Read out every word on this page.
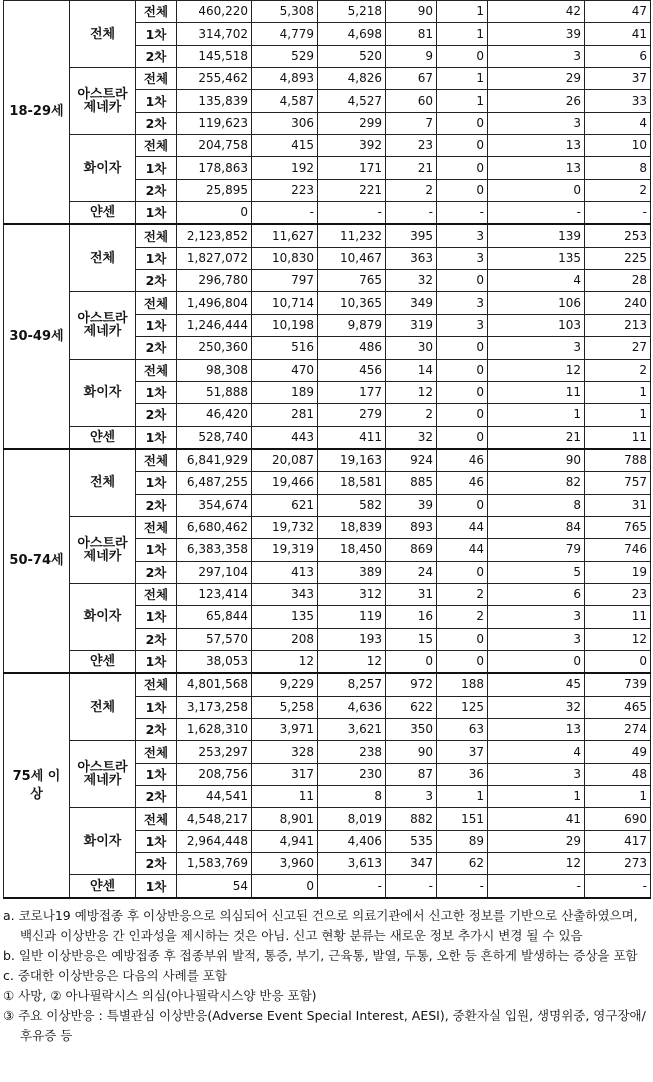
18-29세	전체	전체	460,220	5,308	5,218	90	1	42	47
		1차	314,702	4,779	4,698	81	1	39	41
		2차	145,518	529	520	9	0	3	6
	아스트라 제네카	전체	255,462	4,893	4,826	67	1	29	37
		1차	135,839	4,587	4,527	60	1	26	33
		2차	119,623	306	299	7	0	3	4
	화이자	전체	204,758	415	392	23	0	13	10
		1차	178,863	192	171	21	0	13	8
		2차	25,895	223	221	2	0	0	2
	얀센	1차	0	-	-	-	-	-	-
30-49세	전체	전체	2,123,852	11,627	11,232	395	3	139	253
		1차	1,827,072	10,830	10,467	363	3	135	225
		2차	296,780	797	765	32	0	4	28
	아스트라 제네카	전체	1,496,804	10,714	10,365	349	3	106	240
		1차	1,246,444	10,198	9,879	319	3	103	213
		2차	250,360	516	486	30	0	3	27
	화이자	전체	98,308	470	456	14	0	12	2
		1차	51,888	189	177	12	0	11	1
		2차	46,420	281	279	2	0	1	1
	얀센	1차	528,740	443	411	32	0	21	11
50-74세	전체	전체	6,841,929	20,087	19,163	924	46	90	788
		1차	6,487,255	19,466	18,581	885	46	82	757
		2차	354,674	621	582	39	0	8	31
	아스트라 제네카	전체	6,680,462	19,732	18,839	893	44	84	765
		1차	6,383,358	19,319	18,450	869	44	79	746
		2차	297,104	413	389	24	0	5	19
	화이자	전체	123,414	343	312	31	2	6	23
		1차	65,844	135	119	16	2	3	11
		2차	57,570	208	193	15	0	3	12
	얀센	1차	38,053	12	12	0	0	0	0
75세 이상	전체	전체	4,801,568	9,229	8,257	972	188	45	739
		1차	3,173,258	5,258	4,636	622	125	32	465
		2차	1,628,310	3,971	3,621	350	63	13	274
	아스트라 제네카	전체	253,297	328	238	90	37	4	49
		1차	208,756	317	230	87	36	3	48
		2차	44,541	11	8	3	1	1	1
	화이자	전체	4,548,217	8,901	8,019	882	151	41	690
		1차	2,964,448	4,941	4,406	535	89	29	417
		2차	1,583,769	3,960	3,613	347	62	12	273
	얀센	1차	54	0	-	-	-	-	-

a. 코로나19 예방접종 후 이상반응으로 의심되어 신고된 건으로 의료기관에서 신고한 정보를 기반으로 산출하였으며, 백신과 이상반응 간 인과성을 제시하는 것은 아님. 신고 현황 분류는 새로운 정보 추가시 변경 될 수 있음

b. 일반 이상반응은 예방접종 후 접종부위 발적, 통증, 부기, 근육통, 발열, 두통, 오한 등 흔하게 발생하는 증상을 포함

c. 중대한 이상반응은 다음의 사례를 포함

① 사망, ② 아나필락시스 의심(아나필락시스양 반응 포함)

③ 주요 이상반응 : 특별관심 이상반응(Adverse Event Special Interest, AESI), 중환자실 입원, 생명위중, 영구장애/후유증 등
